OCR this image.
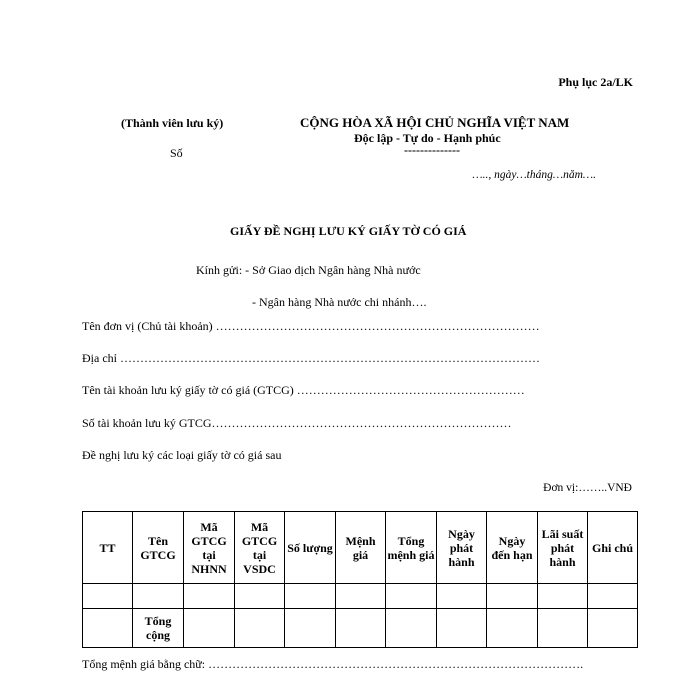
Phụ lục 2a/LK
(Thành viên lưu ký)
Số
CỘNG HÒA XÃ HỘI CHỦ NGHĨA VIỆT NAM
Độc lập - Tự do - Hạnh phúc
--------------
….., ngày…tháng…năm….
GIẤY ĐỀ NGHỊ LƯU KÝ GIẤY TỜ CÓ GIÁ
Kính gửi: - Sở Giao dịch Ngân hàng Nhà nước
- Ngân hàng Nhà nước chi nhánh….
Tên đơn vị (Chủ tài khoản) ………………………………………………………………………
Địa chỉ ……………………………………………………………………………………………
Tên tài khoản lưu ký giấy tờ có giá (GTCG) …………………………………………………
Số tài khoản lưu ký GTCG…………………………………………………………………
Đề nghị lưu ký các loại giấy tờ có giá sau
Đơn vị:……..VNĐ
TT	Tên GTCG	Mã GTCG tại NHNN	Mã GTCG tại VSDC	Số lượng	Mệnh giá	Tổng mệnh giá	Ngày phát hành	Ngày đến hạn	Lãi suất phát hành	Ghi chú

	Tổng cộng									
Tổng mệnh giá bằng chữ: ………………………………………………………………………………….
